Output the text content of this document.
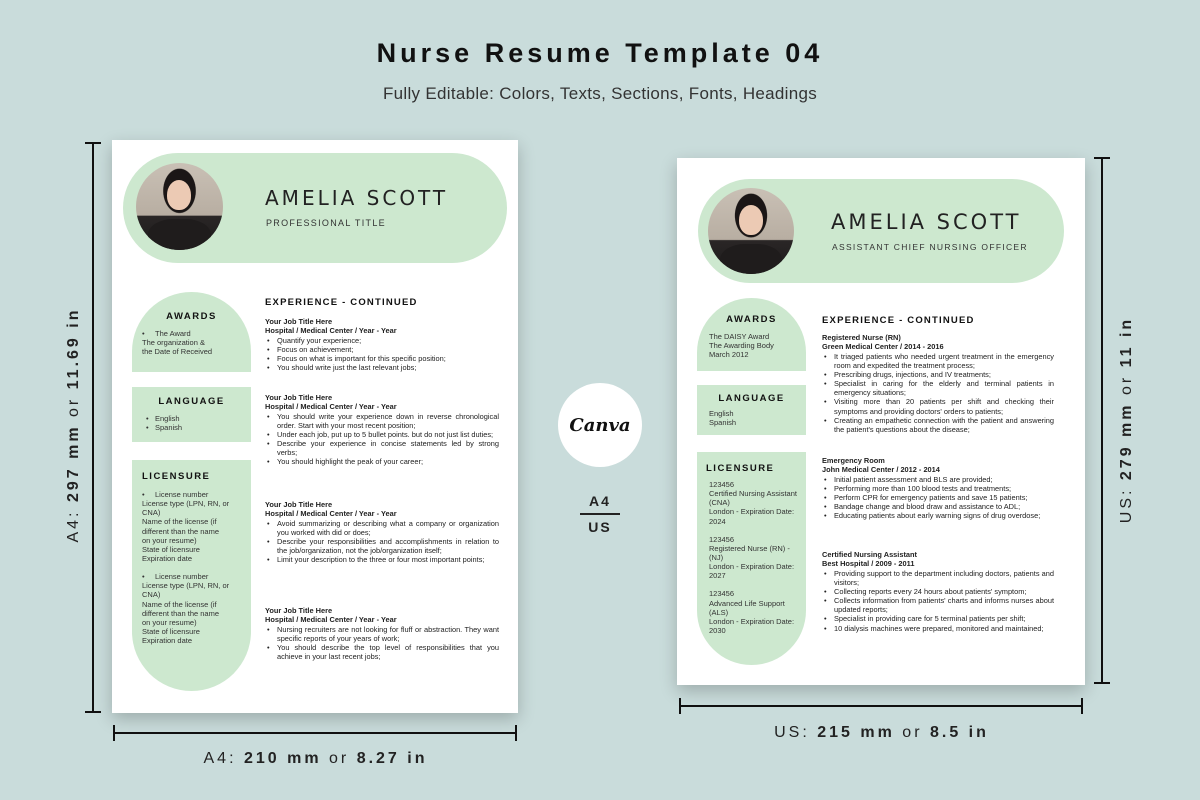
Nurse Resume Template 04
Fully Editable: Colors, Texts, Sections, Fonts, Headings
A4: 297 mm or 11.69 in
A4: 210 mm or 8.27 in
US: 279 mm or 11 in
US: 215 mm or 8.5 in
Canva
A4
US
AMELIA SCOTT
PROFESSIONAL TITLE
AWARDS
• The Award
The organization &
the Date of Received
LANGUAGE
• English
• Spanish
LICENSURE
• License number
License type (LPN, RN, or
CNA)
Name of the license (if
different than the name
on your resume)
State of licensure
Expiration date
• License number
License type (LPN, RN, or
CNA)
Name of the license (if
different than the name
on your resume)
State of licensure
Expiration date
EXPERIENCE - CONTINUED
Your Job Title Here
Hospital / Medical Center / Year - Year
• Quantify your experience;
• Focus on achievement;
• Focus on what is important for this specific position;
• You should write just the last relevant jobs;
Your Job Title Here
Hospital / Medical Center / Year - Year
• You should write your experience down in reverse chronological order. Start with your most recent position;
• Under each job, put up to 5 bullet points. but do not just list duties;
• Describe your experience in concise statements led by strong verbs;
• You should highlight the peak of your career;
Your Job Title Here
Hospital / Medical Center / Year - Year
• Avoid summarizing or describing what a company or organization you worked with did or does;
• Describe your responsibilities and accomplishments in relation to the job/organization, not the job/organization itself;
• Limit your description to the three or four most important points;
Your Job Title Here
Hospital / Medical Center / Year - Year
• Nursing recruiters are not looking for fluff or abstraction. They want specific reports of your years of work;
• You should describe the top level of responsibilities that you achieve in your last recent jobs;
AMELIA SCOTT
ASSISTANT CHIEF NURSING OFFICER
AWARDS
The DAISY Award
The Awarding Body
March 2012
LANGUAGE
English
Spanish
LICENSURE
123456
Certified Nursing Assistant (CNA)
London - Expiration Date: 2024
123456
Registered Nurse (RN) - (NJ)
London - Expiration Date: 2027
123456
Advanced Life Support (ALS)
London - Expiration Date: 2030
EXPERIENCE - CONTINUED
Registered Nurse (RN)
Green Medical Center / 2014 - 2016
• It triaged patients who needed urgent treatment in the emergency room and expedited the treatment process;
• Prescribing drugs, injections, and IV treatments;
• Specialist in caring for the elderly and terminal patients in emergency situations;
• Visiting more than 20 patients per shift and checking their symptoms and providing doctors' orders to patients;
• Creating an empathetic connection with the patient and answering the patient's questions about the disease;
Emergency Room
John Medical Center / 2012 - 2014
• Initial patient assessment and BLS are provided;
• Performing more than 100 blood tests and treatments;
• Perform CPR for emergency patients and save 15 patients;
• Bandage change and blood draw and assistance to ADL;
• Educating patients about early warning signs of drug overdose;
Certified Nursing Assistant
Best Hospital / 2009 - 2011
• Providing support to the department including doctors, patients and visitors;
• Collecting reports every 24 hours about patients' symptom;
• Collects information from patients' charts and informs nurses about updated reports;
• Specialist in providing care for 5 terminal patients per shift;
• 10 dialysis machines were prepared, monitored and maintained;
